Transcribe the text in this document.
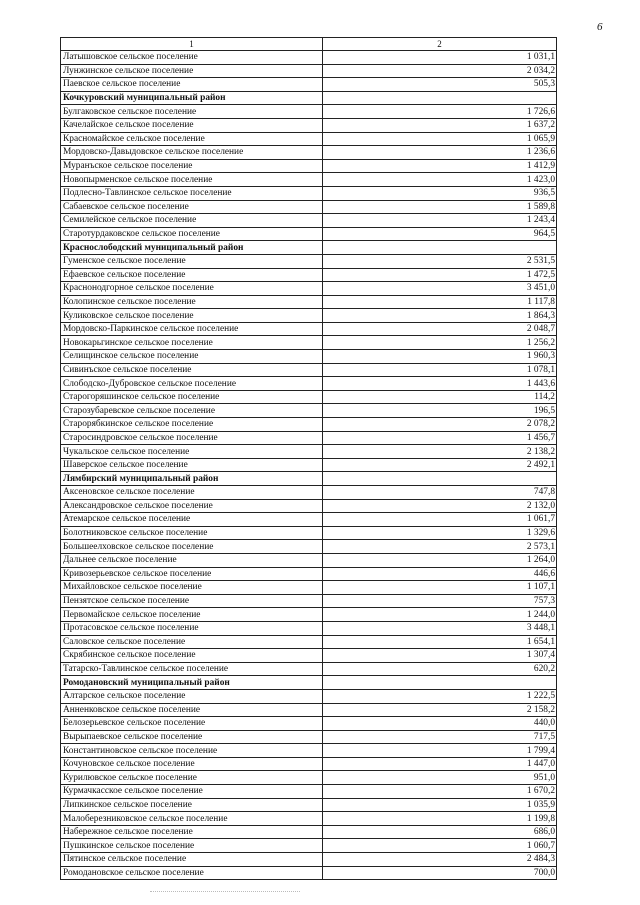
6
1	2
Латышовское сельское поселение	1 031,1
Лунжинское сельское поселение	2 034,2
Паевское сельское поселение	505,3
Кочкуровский муниципальный район	
Булгаковское сельское поселение	1 726,6
Качелайское сельское поселение	1 637,2
Красномайское сельское поселение	1 065,9
Мордовско-Давыдовское сельское поселение	1 236,6
Муранъское сельское поселение	1 412,9
Новопырменское сельское поселение	1 423,0
Подлесно-Тавлинское сельское поселение	936,5
Сабаевское сельское поселение	1 589,8
Семилейское сельское поселение	1 243,4
Старотурдаковское сельское поселение	964,5
Краснослободский муниципальный район	
Гуменское сельское поселение	2 531,5
Ефаевское сельское поселение	1 472,5
Краснонодгорное сельское поселение	3 451,0
Колопинское сельское поселение	1 117,8
Куликовское сельское поселение	1 864,3
Мордовско-Паркинское сельское поселение	2 048,7
Новокарьгинское сельское поселение	1 256,2
Селищинское сельское поселение	1 960,3
Сивинъское сельское поселение	1 078,1
Слободско-Дубровское сельское поселение	1 443,6
Старогоряшинское сельское поселение	114,2
Старозубаревское сельское поселение	196,5
Старорябкинское сельское поселение	2 078,2
Старосиндровское сельское поселение	1 456,7
Чукальское сельское поселение	2 138,2
Шаверское сельское поселение	2 492,1
Лямбирский муниципальный район	
Аксеновское сельское поселение	747,8
Александровское сельское поселение	2 132,0
Атемарское сельское поселение	1 061,7
Болотниковское сельское поселение	1 329,6
Большеелховское сельское поселение	2 573,1
Дальнее сельское поселение	1 264,0
Кривозерьевское сельское поселение	446,6
Михайловское сельское поселение	1 107,1
Пензятское сельское поселение	757,3
Первомайское сельское поселение	1 244,0
Протасовское сельское поселение	3 448,1
Саловское сельское поселение	1 654,1
Скрябинское сельское поселение	1 307,4
Татарско-Тавлинское сельское поселение	620,2
Ромодановский муниципальный район	
Алтарское сельское поселение	1 222,5
Анненковское сельское поселение	2 158,2
Белозерьевское сельское поселение	440,0
Вырыпаевское сельское поселение	717,5
Константиновское сельское поселение	1 799,4
Кочуновское сельское поселение	1 447,0
Курилювское сельское поселение	951,0
Курмачкасское сельское поселение	1 670,2
Липкинское сельское поселение	1 035,9
Малоберезниковское сельское поселение	1 199,8
Набережное сельское поселение	686,0
Пушкинское сельское поселение	1 060,7
Пятинское сельское поселение	2 484,3
Ромодановское сельское поселение	700,0
